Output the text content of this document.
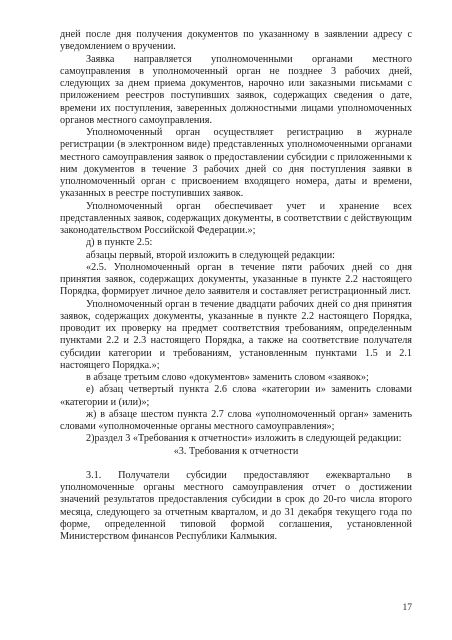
дней после дня получения документов по указанному в заявлении адресу с уведомлением о вручении.

Заявка направляется уполномоченными органами местного самоуправления в уполномоченный орган не позднее 3 рабочих дней, следующих за днем приема документов, нарочно или заказными письмами с приложением реестров поступивших заявок, содержащих сведения о дате, времени их поступления, заверенных должностными лицами уполномоченных органов местного самоуправления.

Уполномоченный орган осуществляет регистрацию в журнале регистрации (в электронном виде) представленных уполномоченными органами местного самоуправления заявок о предоставлении субсидии с приложенными к ним документов в течение 3 рабочих дней со дня поступления заявки в уполномоченный орган с присвоением входящего номера, даты и времени, указанных в реестре поступивших заявок.

Уполномоченный орган обеспечивает учет и хранение всех представленных заявок, содержащих документы, в соответствии с действующим законодательством Российской Федерации.»;

д) в пункте 2.5:

абзацы первый, второй изложить в следующей редакции:

«2.5. Уполномоченный орган в течение пяти рабочих дней со дня принятия заявок, содержащих документы, указанные в пункте 2.2 настоящего Порядка, формирует личное дело заявителя и составляет регистрационный лист.

Уполномоченный орган в течение двадцати рабочих дней со дня принятия заявок, содержащих документы, указанные в пункте 2.2 настоящего Порядка, проводит их проверку на предмет соответствия требованиям, определенным пунктами 2.2 и 2.3 настоящего Порядка, а также на соответствие получателя субсидии категории и требованиям, установленным пунктами 1.5 и 2.1 настоящего Порядка.»;

в абзаце третьим слово «документов» заменить словом «заявок»;

е) абзац четвертый пункта 2.6 слова «категории и» заменить словами «категории и (или)»;

ж) в абзаце шестом пункта 2.7 слова «уполномоченный орган» заменить словами «уполномоченные органы местного самоуправления»;

2)раздел 3 «Требования к отчетности» изложить в следующей редакции:

«3. Требования к отчетности

3.1. Получатели субсидии предоставляют ежеквартально в уполномоченные органы местного самоуправления отчет о достижении значений результатов предоставления субсидии в срок до 20-го числа второго месяца, следующего за отчетным кварталом, и до 31 декабря текущего года по форме, определенной типовой формой соглашения, установленной Министерством финансов Республики Калмыкия.

17
